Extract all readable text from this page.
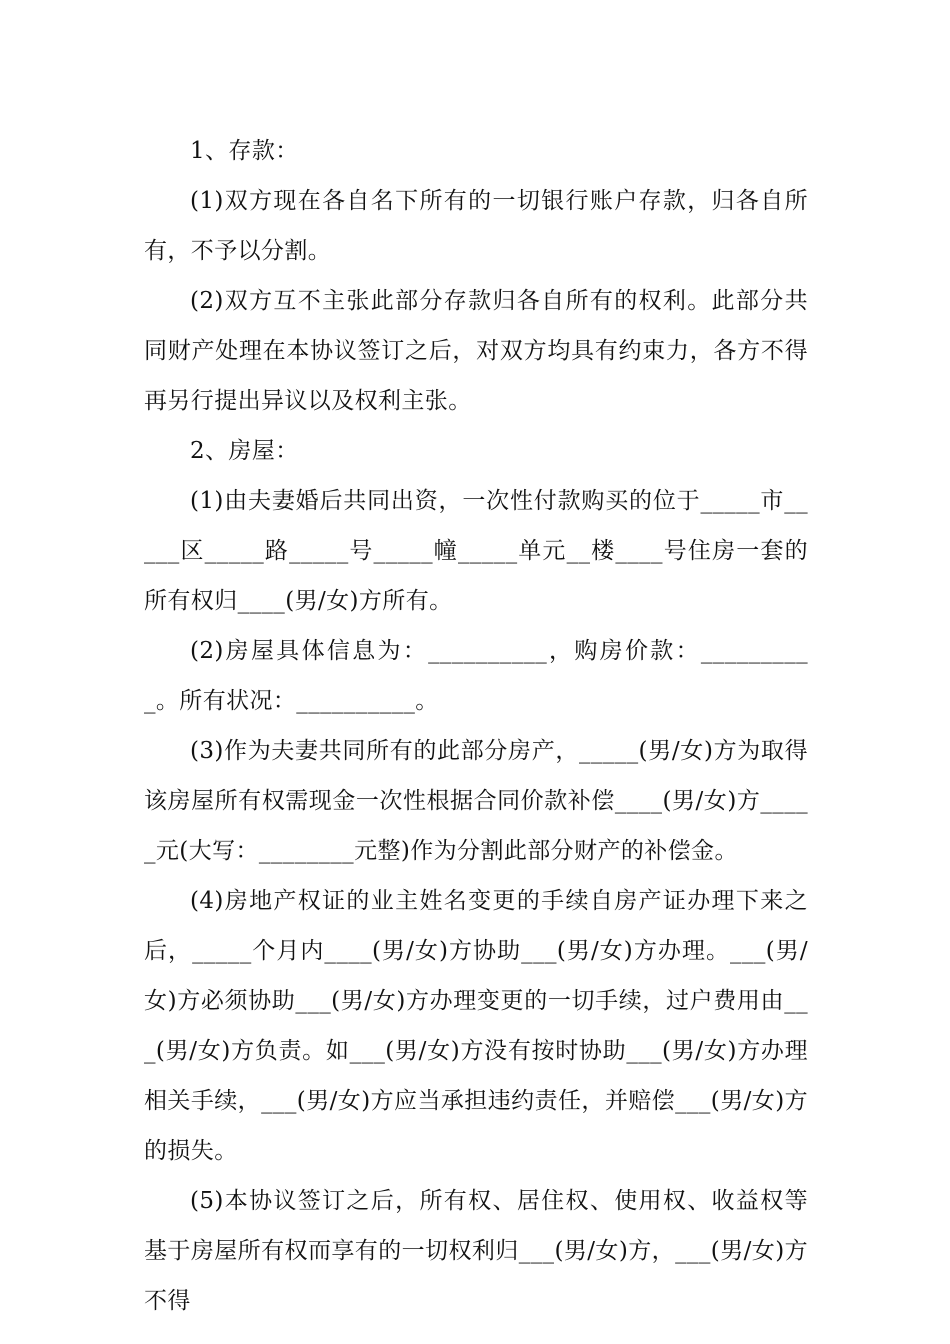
1、存款：

(1)双方现在各自名下所有的一切银行账户存款，归各自所有，不予以分割。

(2)双方互不主张此部分存款归各自所有的权利。此部分共同财产处理在本协议签订之后，对双方均具有约束力，各方不得再另行提出异议以及权利主张。

2、房屋：

(1)由夫妻婚后共同出资，一次性付款购买的位于_____市_____区_____路_____号_____幢_____单元__楼____号住房一套的所有权归____(男/女)方所有。

(2)房屋具体信息为：__________，购房价款：__________。所有状况：__________。

(3)作为夫妻共同所有的此部分房产，_____(男/女)方为取得该房屋所有权需现金一次性根据合同价款补偿____(男/女)方_____元(大写：________元整)作为分割此部分财产的补偿金。

(4)房地产权证的业主姓名变更的手续自房产证办理下来之后，_____个月内____(男/女)方协助___(男/女)方办理。___(男/女)方必须协助___(男/女)方办理变更的一切手续，过户费用由___(男/女)方负责。如___(男/女)方没有按时协助___(男/女)方办理相关手续，___(男/女)方应当承担违约责任，并赔偿___(男/女)方的损失。

(5)本协议签订之后，所有权、居住权、使用权、收益权等基于房屋所有权而享有的一切权利归___(男/女)方，___(男/女)方不得
